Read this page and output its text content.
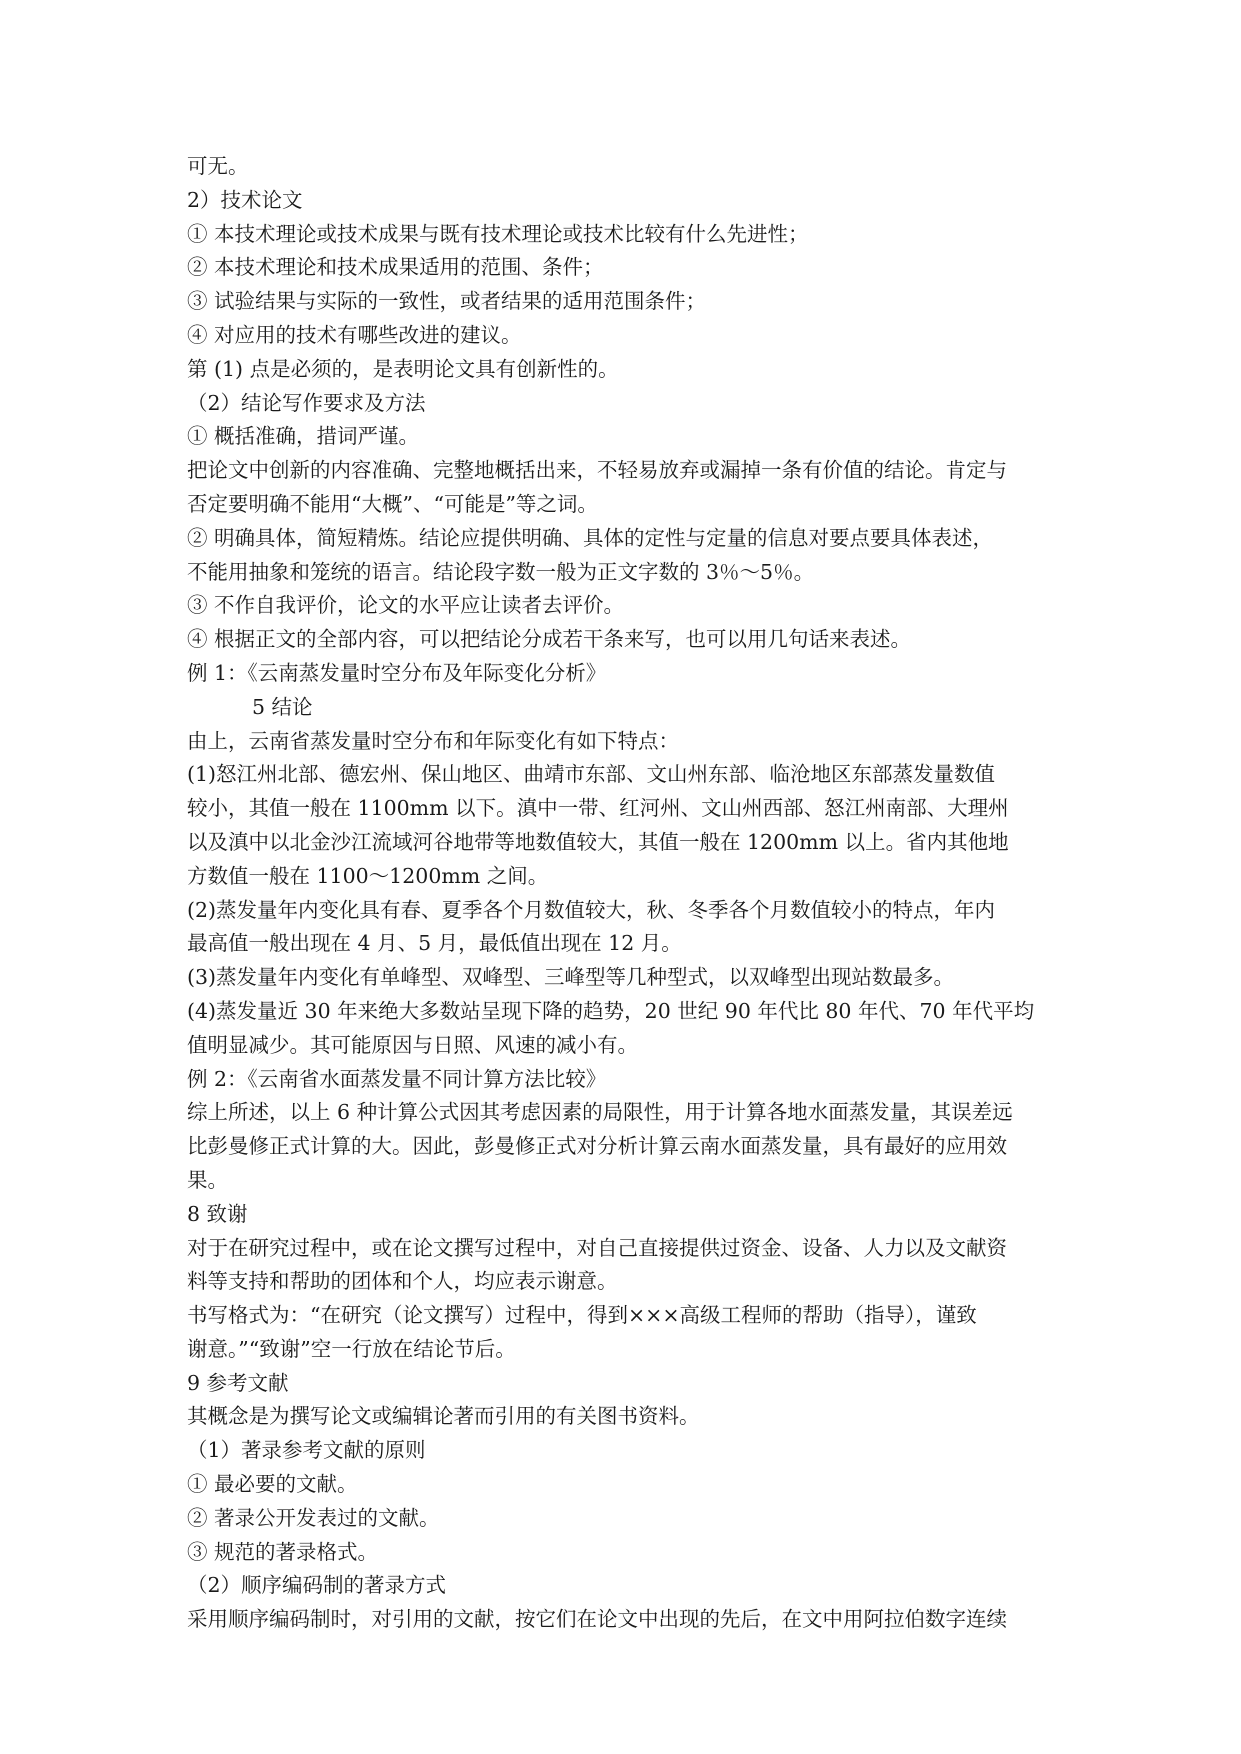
可无。
2）技术论文
① 本技术理论或技术成果与既有技术理论或技术比较有什么先进性；
② 本技术理论和技术成果适用的范围、条件；
③ 试验结果与实际的一致性，或者结果的适用范围条件；
④ 对应用的技术有哪些改进的建议。
第 (1) 点是必须的，是表明论文具有创新性的。
（2）结论写作要求及方法
① 概括准确，措词严谨。
把论文中创新的内容准确、完整地概括出来，不轻易放弃或漏掉一条有价值的结论。肯定与
否定要明确不能用“大概”、“可能是”等之词。
② 明确具体，简短精炼。结论应提供明确、具体的定性与定量的信息对要点要具体表述，
不能用抽象和笼统的语言。结论段字数一般为正文字数的 3％～5％。
③ 不作自我评价，论文的水平应让读者去评价。
④ 根据正文的全部内容，可以把结论分成若干条来写，也可以用几句话来表述。
例 1：《云南蒸发量时空分布及年际变化分析》
5 结论
由上，云南省蒸发量时空分布和年际变化有如下特点：
(1)怒江州北部、德宏州、保山地区、曲靖市东部、文山州东部、临沧地区东部蒸发量数值
较小，其值一般在 1100mm 以下。滇中一带、红河州、文山州西部、怒江州南部、大理州
以及滇中以北金沙江流域河谷地带等地数值较大，其值一般在 1200mm 以上。省内其他地
方数值一般在 1100～1200mm 之间。
(2)蒸发量年内变化具有春、夏季各个月数值较大，秋、冬季各个月数值较小的特点，年内
最高值一般出现在 4 月、5 月，最低值出现在 12 月。
(3)蒸发量年内变化有单峰型、双峰型、三峰型等几种型式，以双峰型出现站数最多。
(4)蒸发量近 30 年来绝大多数站呈现下降的趋势，20 世纪 90 年代比 80 年代、70 年代平均
值明显减少。其可能原因与日照、风速的减小有。
例 2：《云南省水面蒸发量不同计算方法比较》
综上所述，以上 6 种计算公式因其考虑因素的局限性，用于计算各地水面蒸发量，其误差远
比彭曼修正式计算的大。因此，彭曼修正式对分析计算云南水面蒸发量，具有最好的应用效
果。
8 致谢
对于在研究过程中，或在论文撰写过程中，对自己直接提供过资金、设备、人力以及文献资
料等支持和帮助的团体和个人，均应表示谢意。
书写格式为：“在研究（论文撰写）过程中，得到×××高级工程师的帮助（指导），谨致
谢意。”“致谢”空一行放在结论节后。
9 参考文献
其概念是为撰写论文或编辑论著而引用的有关图书资料。
（1）著录参考文献的原则
① 最必要的文献。
② 著录公开发表过的文献。
③ 规范的著录格式。
（2）顺序编码制的著录方式
采用顺序编码制时，对引用的文献，按它们在论文中出现的先后，在文中用阿拉伯数字连续
